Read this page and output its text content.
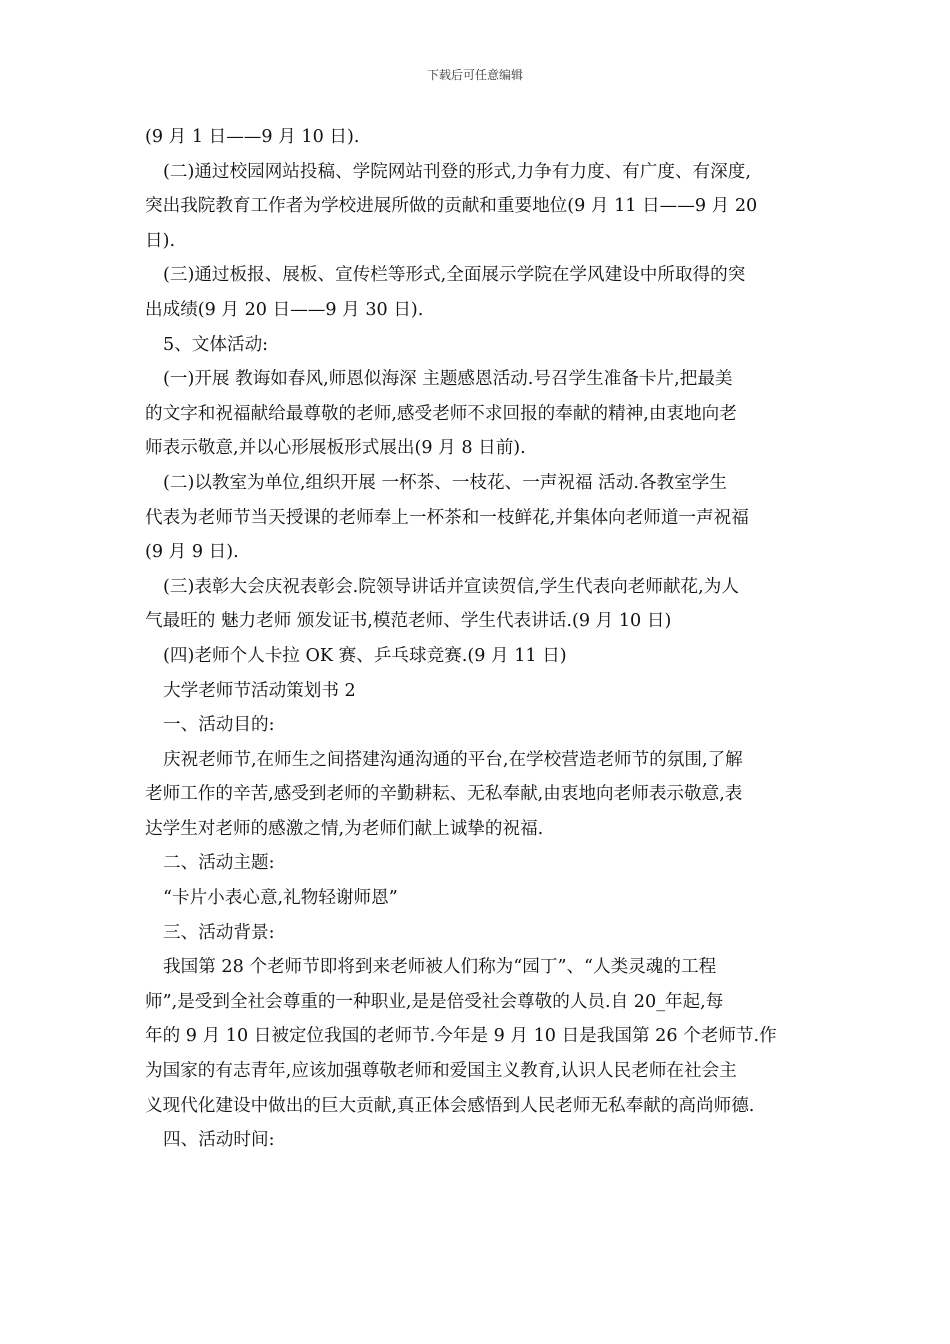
下载后可任意编辑

(9 月 1 日——9 月 10 日).

(二)通过校园网站投稿、学院网站刊登的形式,力争有力度、有广度、有深度,

突出我院教育工作者为学校进展所做的贡献和重要地位(9 月 11 日——9 月 20

日).

(三)通过板报、展板、宣传栏等形式,全面展示学院在学风建设中所取得的突

出成绩(9 月 20 日——9 月 30 日).

5、文体活动:

(一)开展 教诲如春风,师恩似海深 主题感恩活动.号召学生准备卡片,把最美

的文字和祝福献给最尊敬的老师,感受老师不求回报的奉献的精神,由衷地向老

师表示敬意,并以心形展板形式展出(9 月 8 日前).

(二)以教室为单位,组织开展 一杯茶、一枝花、一声祝福 活动.各教室学生

代表为老师节当天授课的老师奉上一杯茶和一枝鲜花,并集体向老师道一声祝福

(9 月 9 日).

(三)表彰大会庆祝表彰会.院领导讲话并宣读贺信,学生代表向老师献花,为人

气最旺的 魅力老师 颁发证书,模范老师、学生代表讲话.(9 月 10 日)

(四)老师个人卡拉 OK 赛、乒乓球竞赛.(9 月 11 日)

大学老师节活动策划书 2

一、活动目的:

庆祝老师节,在师生之间搭建沟通沟通的平台,在学校营造老师节的氛围,了解

老师工作的辛苦,感受到老师的辛勤耕耘、无私奉献,由衷地向老师表示敬意,表

达学生对老师的感激之情,为老师们献上诚挚的祝福.

二、活动主题:

“卡片小表心意,礼物轻谢师恩”

三、活动背景:

我国第 28 个老师节即将到来老师被人们称为“园丁”、“人类灵魂的工程

师”,是受到全社会尊重的一种职业,是是倍受社会尊敬的人员.自 20_年起,每

年的 9 月 10 日被定位我国的老师节.今年是 9 月 10 日是我国第 26 个老师节.作

为国家的有志青年,应该加强尊敬老师和爱国主义教育,认识人民老师在社会主

义现代化建设中做出的巨大贡献,真正体会感悟到人民老师无私奉献的高尚师德.

四、活动时间:
